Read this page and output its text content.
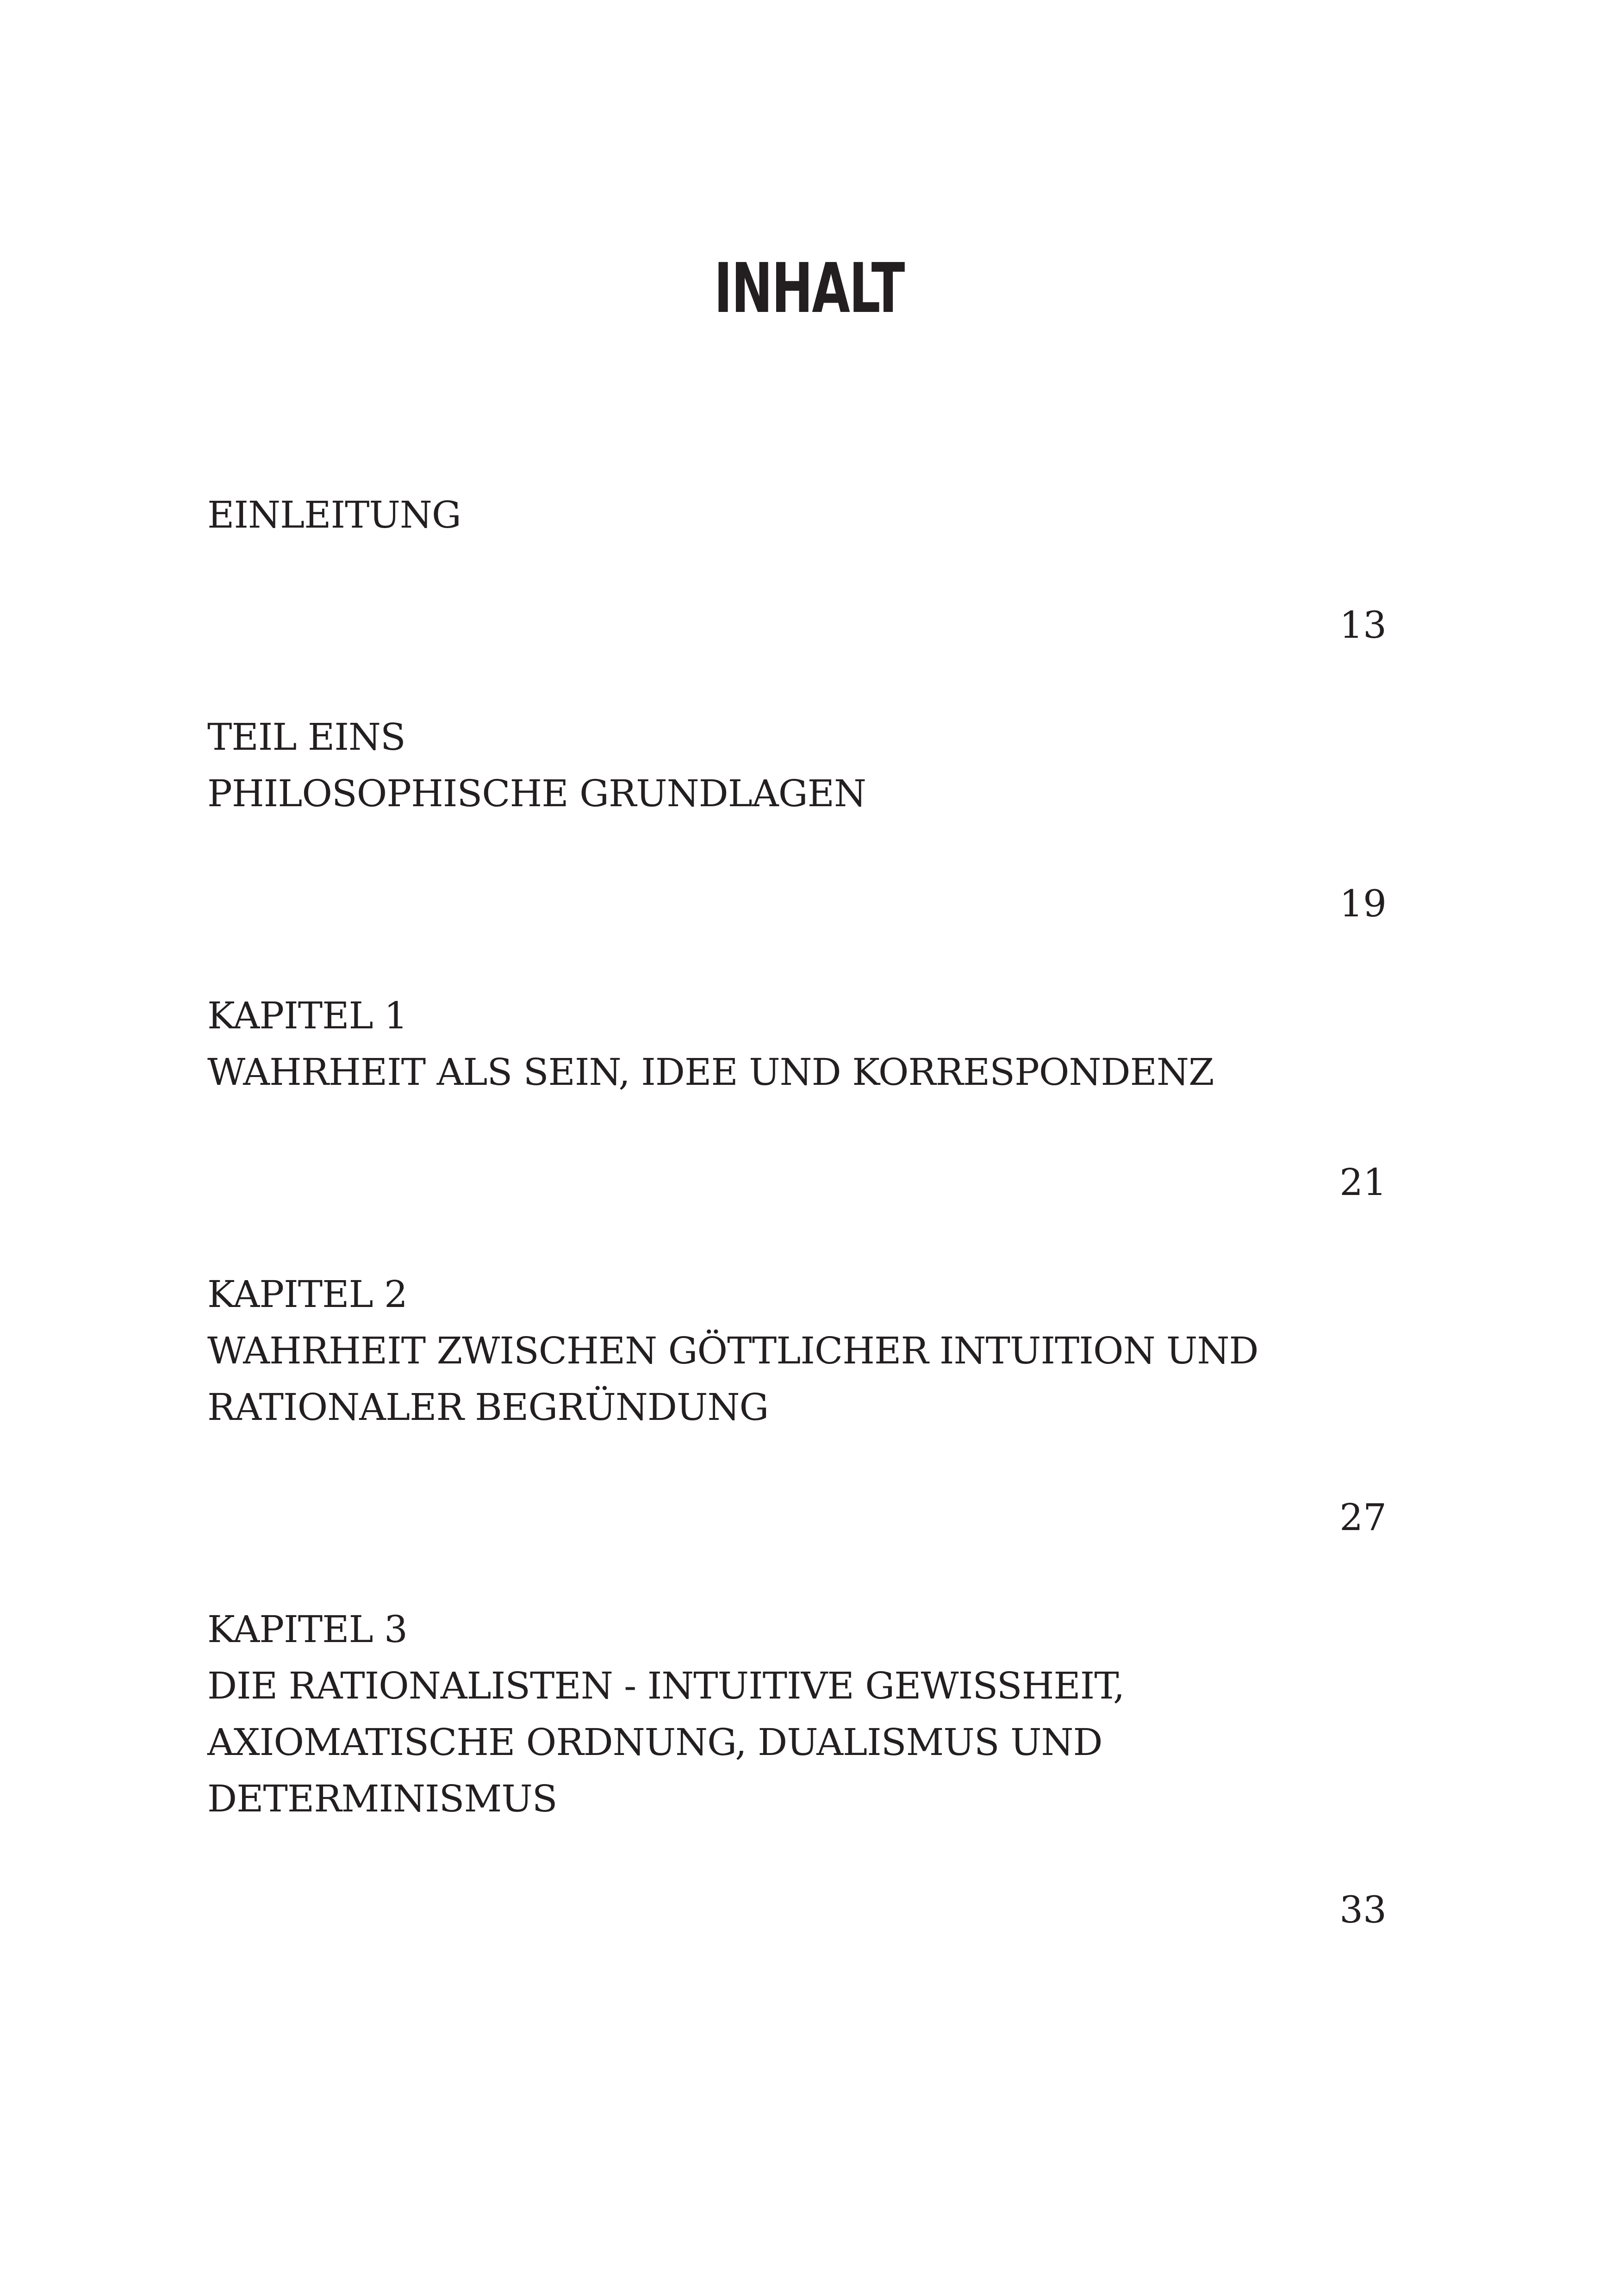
INHALT
EINLEITUNG
13
TEIL EINS
PHILOSOPHISCHE GRUNDLAGEN
19
KAPITEL 1
WAHRHEIT ALS SEIN, IDEE UND KORRESPONDENZ
21
KAPITEL 2
WAHRHEIT ZWISCHEN GÖTTLICHER INTUITION UND
RATIONALER BEGRÜNDUNG
27
KAPITEL 3
DIE RATIONALISTEN - INTUITIVE GEWISSHEIT,
AXIOMATISCHE ORDNUNG, DUALISMUS UND
DETERMINISMUS
33
